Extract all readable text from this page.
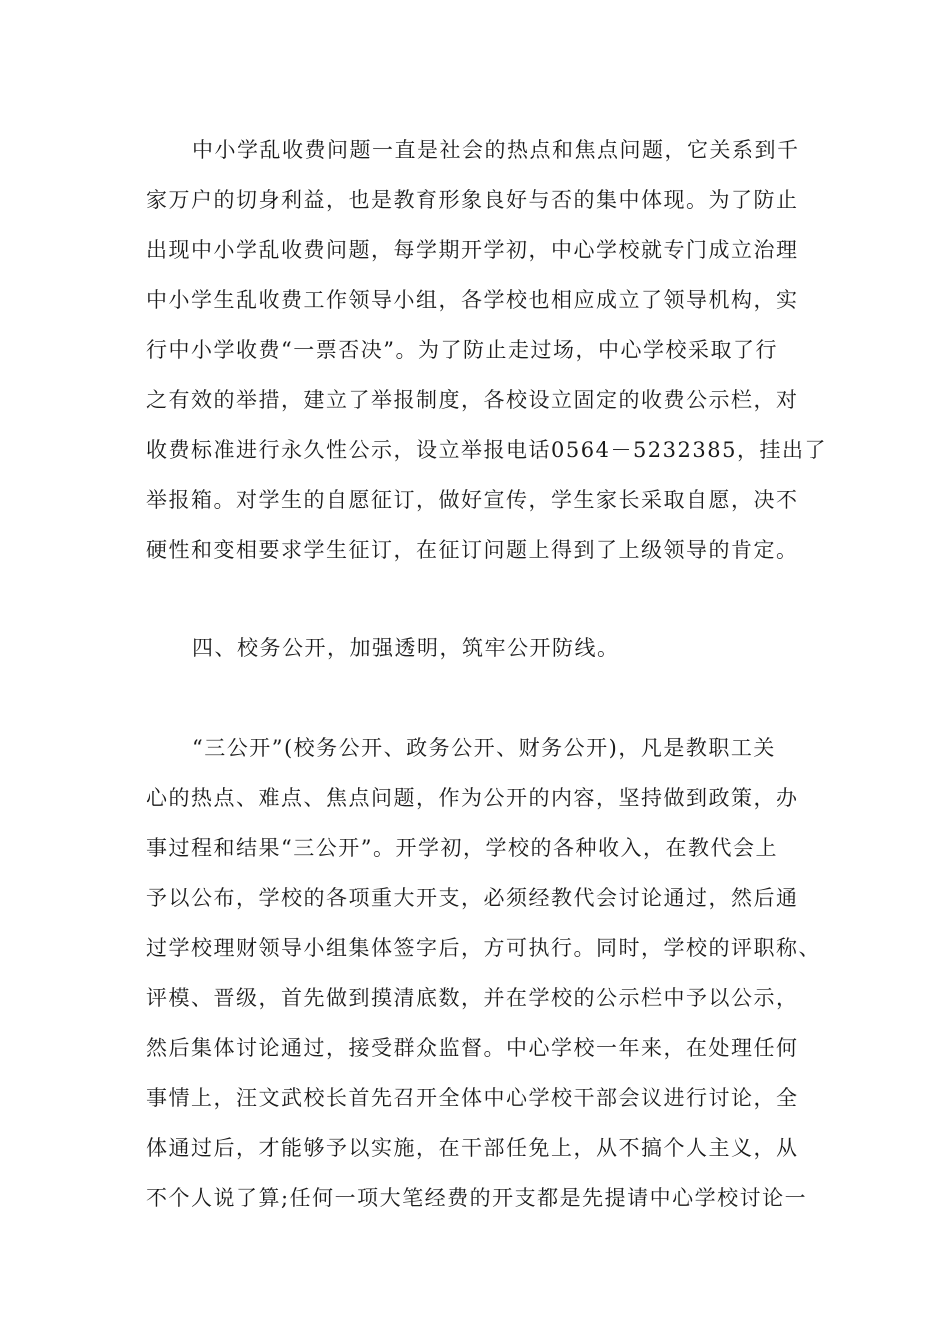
中小学乱收费问题一直是社会的热点和焦点问题，它关系到千
家万户的切身利益，也是教育形象良好与否的集中体现。为了防止
出现中小学乱收费问题，每学期开学初，中心学校就专门成立治理
中小学生乱收费工作领导小组，各学校也相应成立了领导机构，实
行中小学收费“一票否决”。为了防止走过场，中心学校采取了行
之有效的举措，建立了举报制度，各校设立固定的收费公示栏，对
收费标准进行永久性公示，设立举报电话0564－5232385，挂出了
举报箱。对学生的自愿征订，做好宣传，学生家长采取自愿，决不
硬性和变相要求学生征订，在征订问题上得到了上级领导的肯定。
四、校务公开，加强透明，筑牢公开防线。
“三公开”(校务公开、政务公开、财务公开)，凡是教职工关
心的热点、难点、焦点问题，作为公开的内容，坚持做到政策，办
事过程和结果“三公开”。开学初，学校的各种收入，在教代会上
予以公布，学校的各项重大开支，必须经教代会讨论通过，然后通
过学校理财领导小组集体签字后，方可执行。同时，学校的评职称、
评模、晋级，首先做到摸清底数，并在学校的公示栏中予以公示，
然后集体讨论通过，接受群众监督。中心学校一年来，在处理任何
事情上，汪文武校长首先召开全体中心学校干部会议进行讨论，全
体通过后，才能够予以实施，在干部任免上，从不搞个人主义，从
不个人说了算;任何一项大笔经费的开支都是先提请中心学校讨论一
